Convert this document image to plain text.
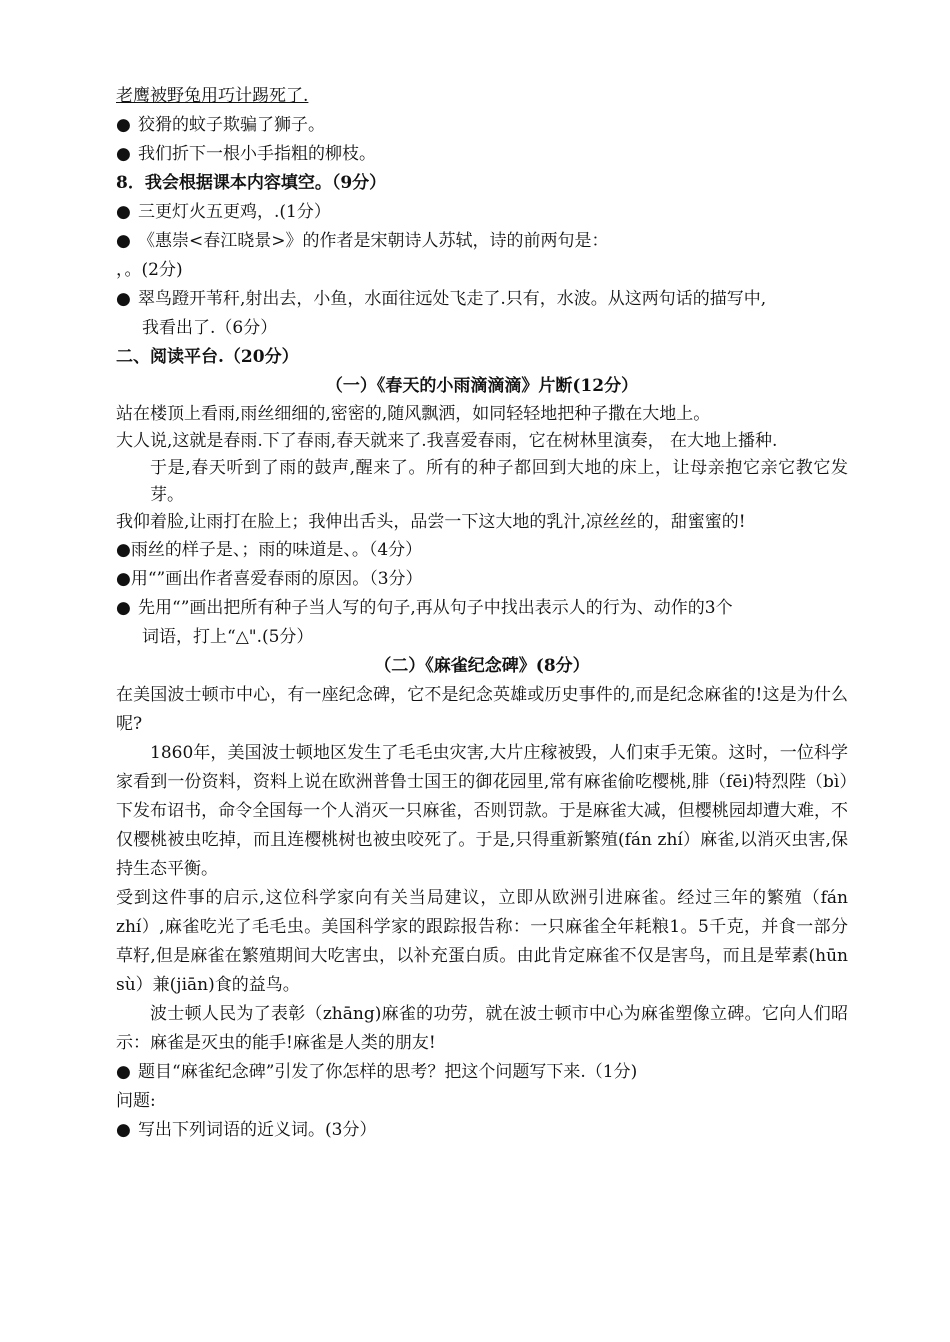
老鹰被野兔用巧计踢死了.
● 狡猾的蚊子欺骗了狮子。
● 我们折下一根小手指粗的柳枝。
8．我会根据课本内容填空。（9分）
● 三更灯火五更鸡，.(1分）
● 《惠崇<春江晓景>》的作者是宋朝诗人苏轼，诗的前两句是：
，。(2分)
● 翠鸟蹬开苇秆,射出去，小鱼，水面往远处飞走了.只有，水波。从这两句话的描写中,
我看出了.（6分）
二、阅读平台.（20分）
（一）《春天的小雨滴滴滴》片断(12分）
站在楼顶上看雨,雨丝细细的,密密的,随风飘洒，如同轻轻地把种子撒在大地上。
大人说,这就是春雨.下了春雨,春天就来了.我喜爱春雨，它在树林里演奏， 在大地上播种.
于是,春天听到了雨的鼓声,醒来了。所有的种子都回到大地的床上，让母亲抱它亲它教它发芽。
我仰着脸,让雨打在脸上；我伸出舌头，品尝一下这大地的乳汁,凉丝丝的，甜蜜蜜的!
●雨丝的样子是、；雨的味道是、。（4分）
●用“”画出作者喜爱春雨的原因。（3分）
● 先用“”画出把所有种子当人写的句子,再从句子中找出表示人的行为、动作的3个
词语，打上“△".(5分）
（二）《麻雀纪念碑》(8分）
在美国波士顿市中心，有一座纪念碑，它不是纪念英雄或历史事件的,而是纪念麻雀的!这是为什么呢?
1860年，美国波士顿地区发生了毛毛虫灾害,大片庄稼被毁，人们束手无策。这时，一位科学家看到一份资料，资料上说在欧洲普鲁士国王的御花园里,常有麻雀偷吃樱桃,腓（fēi)特烈陛（bì）下发布诏书，命令全国每一个人消灭一只麻雀，否则罚款。于是麻雀大减，但樱桃园却遭大难，不仅樱桃被虫吃掉，而且连樱桃树也被虫咬死了。于是,只得重新繁殖(fán zhí）麻雀,以消灭虫害,保持生态平衡。
受到这件事的启示,这位科学家向有关当局建议，立即从欧洲引进麻雀。经过三年的繁殖（fán zhí）,麻雀吃光了毛毛虫。美国科学家的跟踪报告称：一只麻雀全年耗粮1。5千克，并食一部分草籽,但是麻雀在繁殖期间大吃害虫，以补充蛋白质。由此肯定麻雀不仅是害鸟，而且是荤素(hūn sù）兼(jiān)食的益鸟。
波士顿人民为了表彰（zhāng)麻雀的功劳，就在波士顿市中心为麻雀塑像立碑。它向人们昭示：麻雀是灭虫的能手!麻雀是人类的朋友!
● 题目“麻雀纪念碑”引发了你怎样的思考？把这个问题写下来.（1分)
问题:
● 写出下列词语的近义词。(3分）
